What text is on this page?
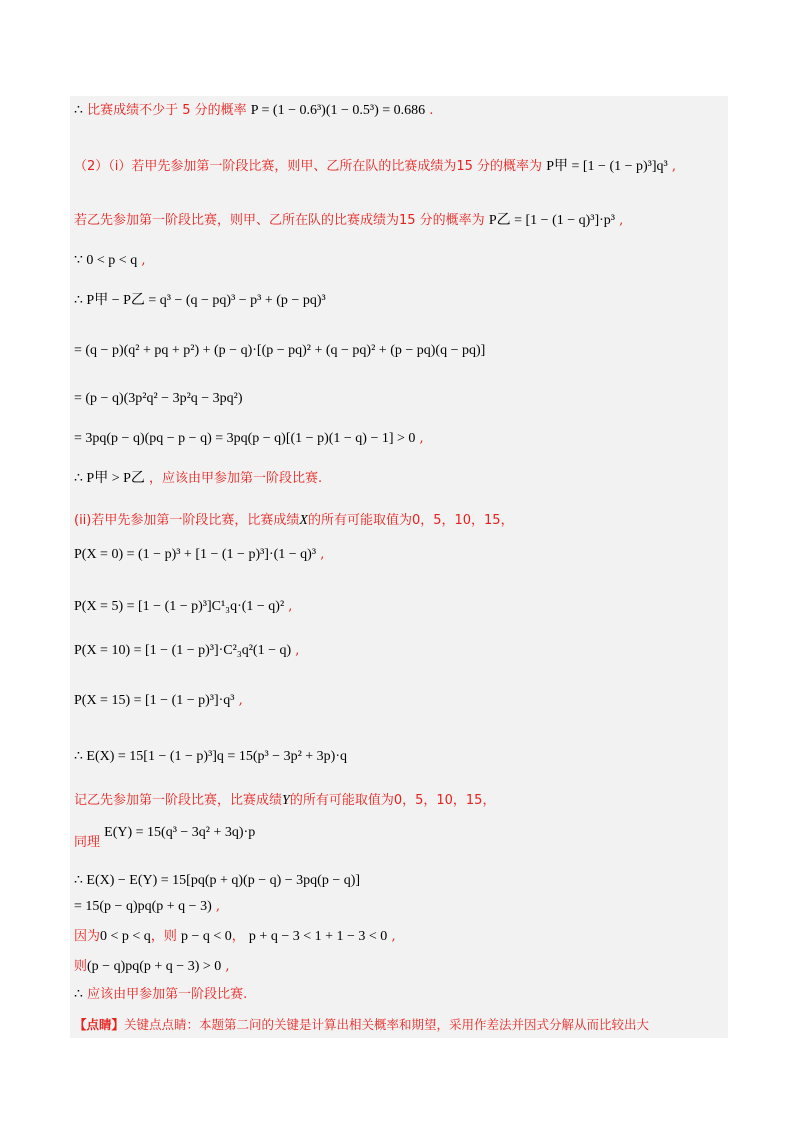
∴ 比赛成绩不少于 5 分的概率 P = (1 − 0.6³)(1 − 0.5³) = 0.686 .
（2）（i）若甲先参加第一阶段比赛，则甲、乙所在队的比赛成绩为15 分的概率为 P甲 = [1 − (1 − p)³]q³ ,
若乙先参加第一阶段比赛，则甲、乙所在队的比赛成绩为15 分的概率为 P乙 = [1 − (1 − q)³]·p³ ,
∵ 0 < p < q ,
∴ P甲 − P乙 = q³ − (q − pq)³ − p³ + (p − pq)³
= (q − p)(q² + pq + p²) + (p − q)·[(p − pq)² + (q − pq)² + (p − pq)(q − pq)]
= (p − q)(3p²q² − 3p²q − 3pq²)
= 3pq(p − q)(pq − p − q) = 3pq(p − q)[(1 − p)(1 − q) − 1] > 0 ,
∴ P甲 > P乙 ，应该由甲参加第一阶段比赛.
(ii)若甲先参加第一阶段比赛，比赛成绩X的所有可能取值为0，5，10，15，
P(X = 0) = (1 − p)³ + [1 − (1 − p)³]·(1 − q)³ ,
P(X = 5) = [1 − (1 − p)³]C¹₃q·(1 − q)² ,
P(X = 10) = [1 − (1 − p)³]·C²₃q²(1 − q) ,
P(X = 15) = [1 − (1 − p)³]·q³ ,
∴ E(X) = 15[1 − (1 − p)³]q = 15(p³ − 3p² + 3p)·q
记乙先参加第一阶段比赛，比赛成绩Y的所有可能取值为0，5，10，15，
同理 E(Y) = 15(q³ − 3q² + 3q)·p
∴ E(X) − E(Y) = 15[pq(p + q)(p − q) − 3pq(p − q)]
= 15(p − q)pq(p + q − 3) ,
因为0 < p < q，则 p − q < 0， p + q − 3 < 1 + 1 − 3 < 0 ,
则(p − q)pq(p + q − 3) > 0 ,
∴ 应该由甲参加第一阶段比赛.
【点睛】关键点点睛：本题第二问的关键是计算出相关概率和期望，采用作差法并因式分解从而比较出大
